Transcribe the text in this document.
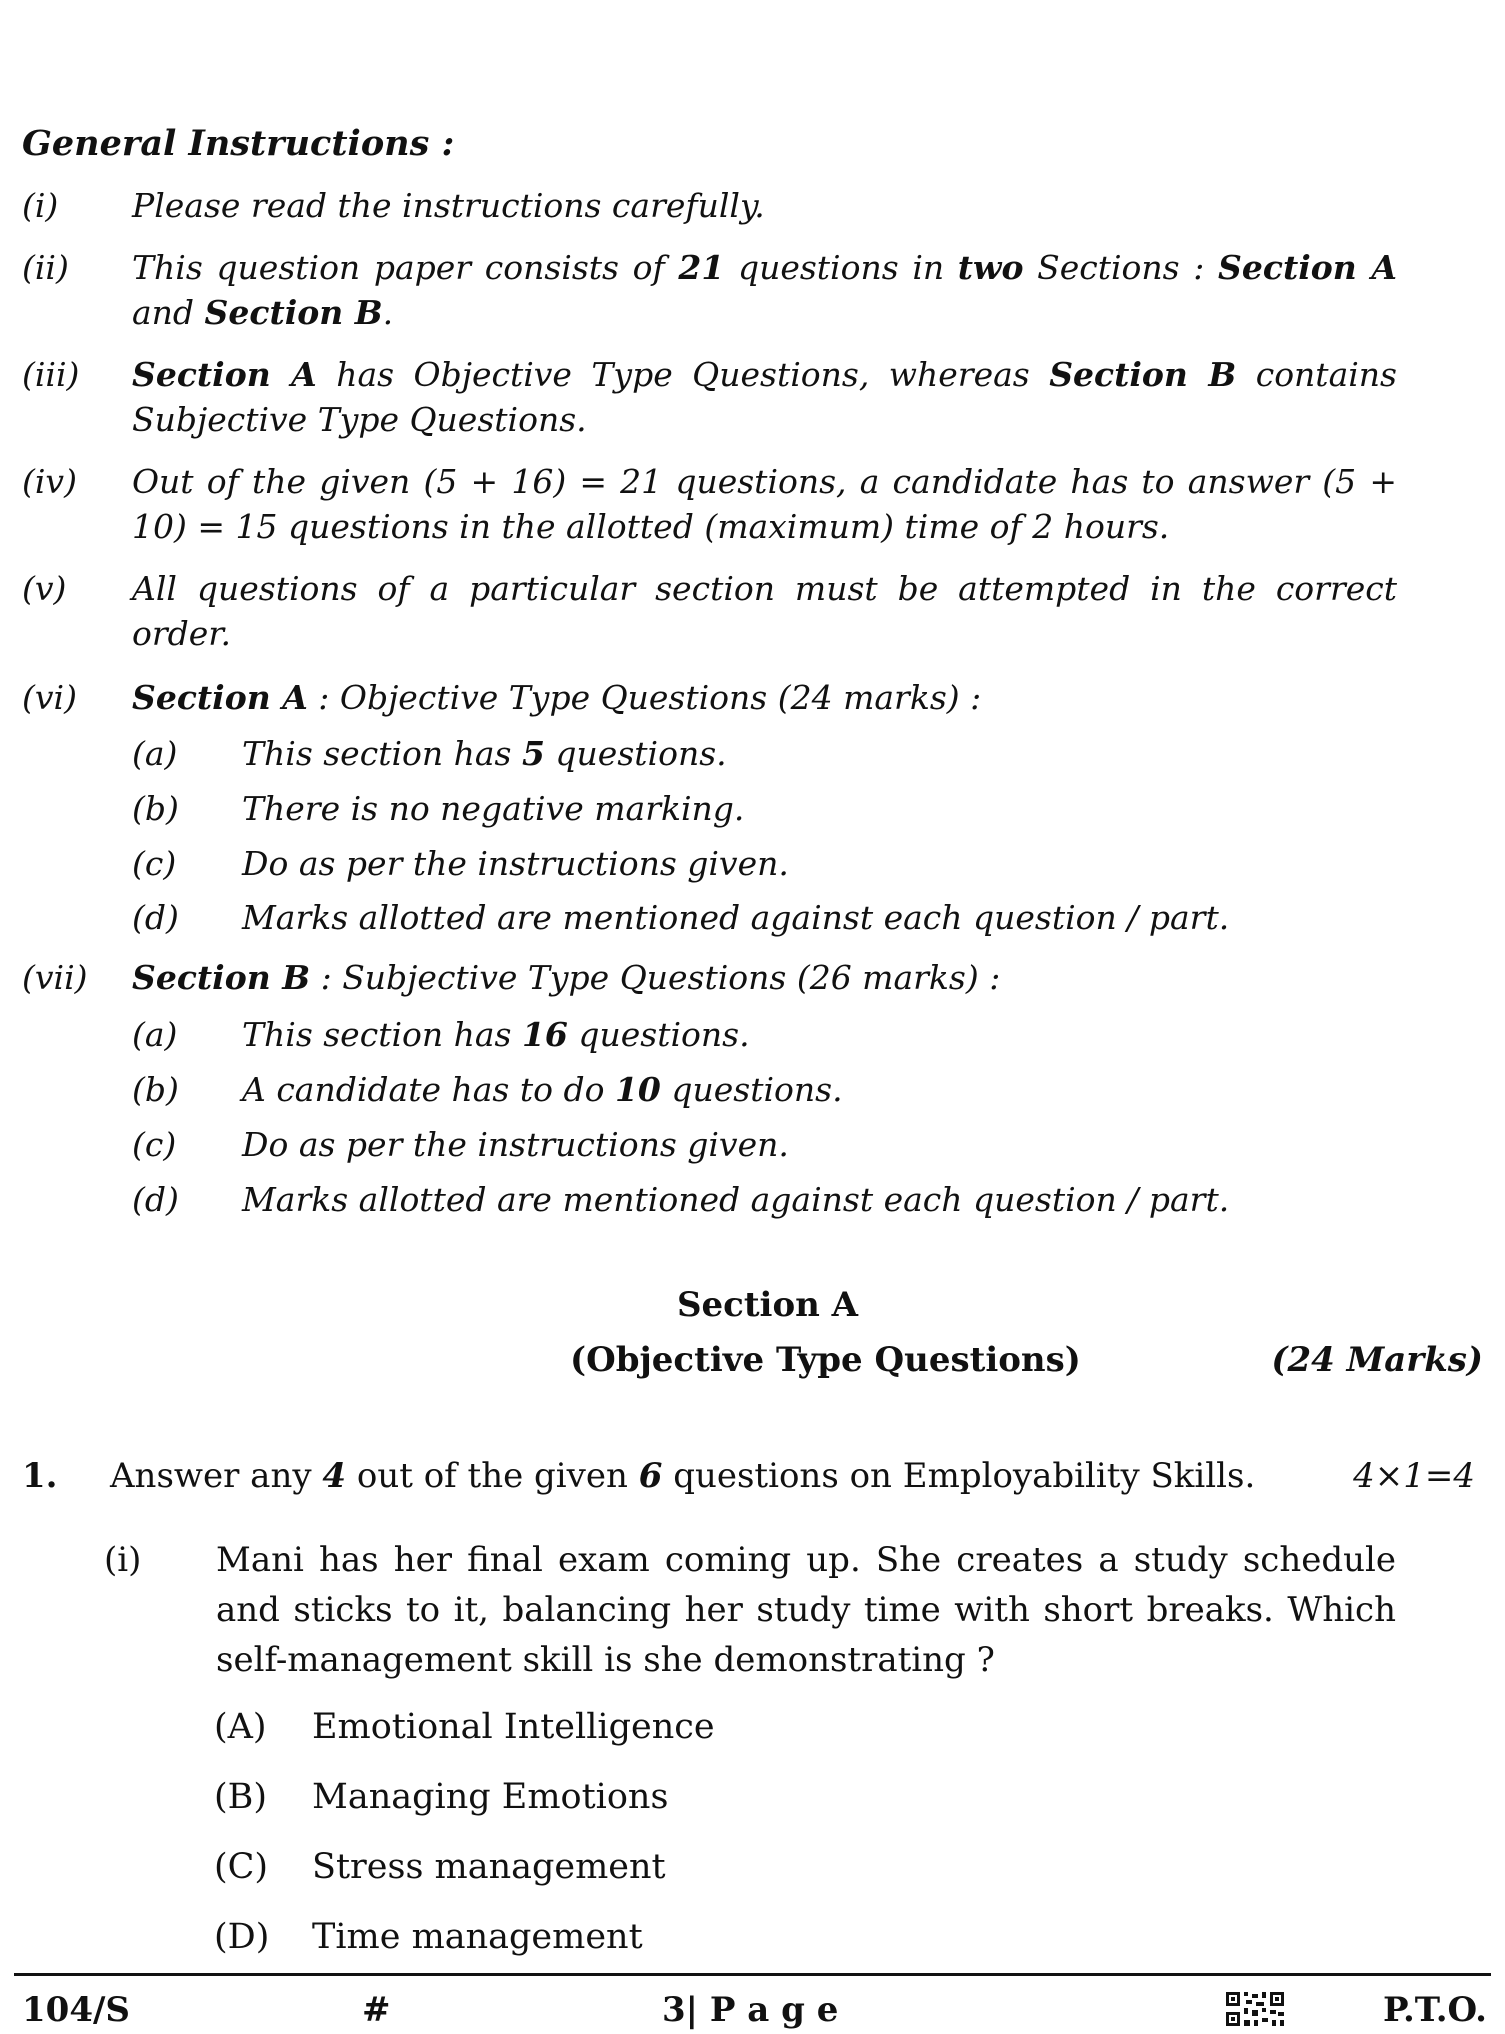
General Instructions :
(i) Please read the instructions carefully.
(ii) This question paper consists of 21 questions in two Sections : Section A and Section B.
(iii) Section A has Objective Type Questions, whereas Section B contains Subjective Type Questions.
(iv) Out of the given (5 + 16) = 21 questions, a candidate has to answer (5 + 10) = 15 questions in the allotted (maximum) time of 2 hours.
(v) All questions of a particular section must be attempted in the correct order.
(vi) Section A : Objective Type Questions (24 marks) :
(a) This section has 5 questions.
(b) There is no negative marking.
(c) Do as per the instructions given.
(d) Marks allotted are mentioned against each question / part.
(vii) Section B : Subjective Type Questions (26 marks) :
(a) This section has 16 questions.
(b) A candidate has to do 10 questions.
(c) Do as per the instructions given.
(d) Marks allotted are mentioned against each question / part.
Section A
(Objective Type Questions)	(24 Marks)
1. Answer any 4 out of the given 6 questions on Employability Skills.	4×1=4
(i) Mani has her final exam coming up. She creates a study schedule and sticks to it, balancing her study time with short breaks. Which self-management skill is she demonstrating ?
(A) Emotional Intelligence
(B) Managing Emotions
(C) Stress management
(D) Time management
104/S	#	3| P a g e	P.T.O.
